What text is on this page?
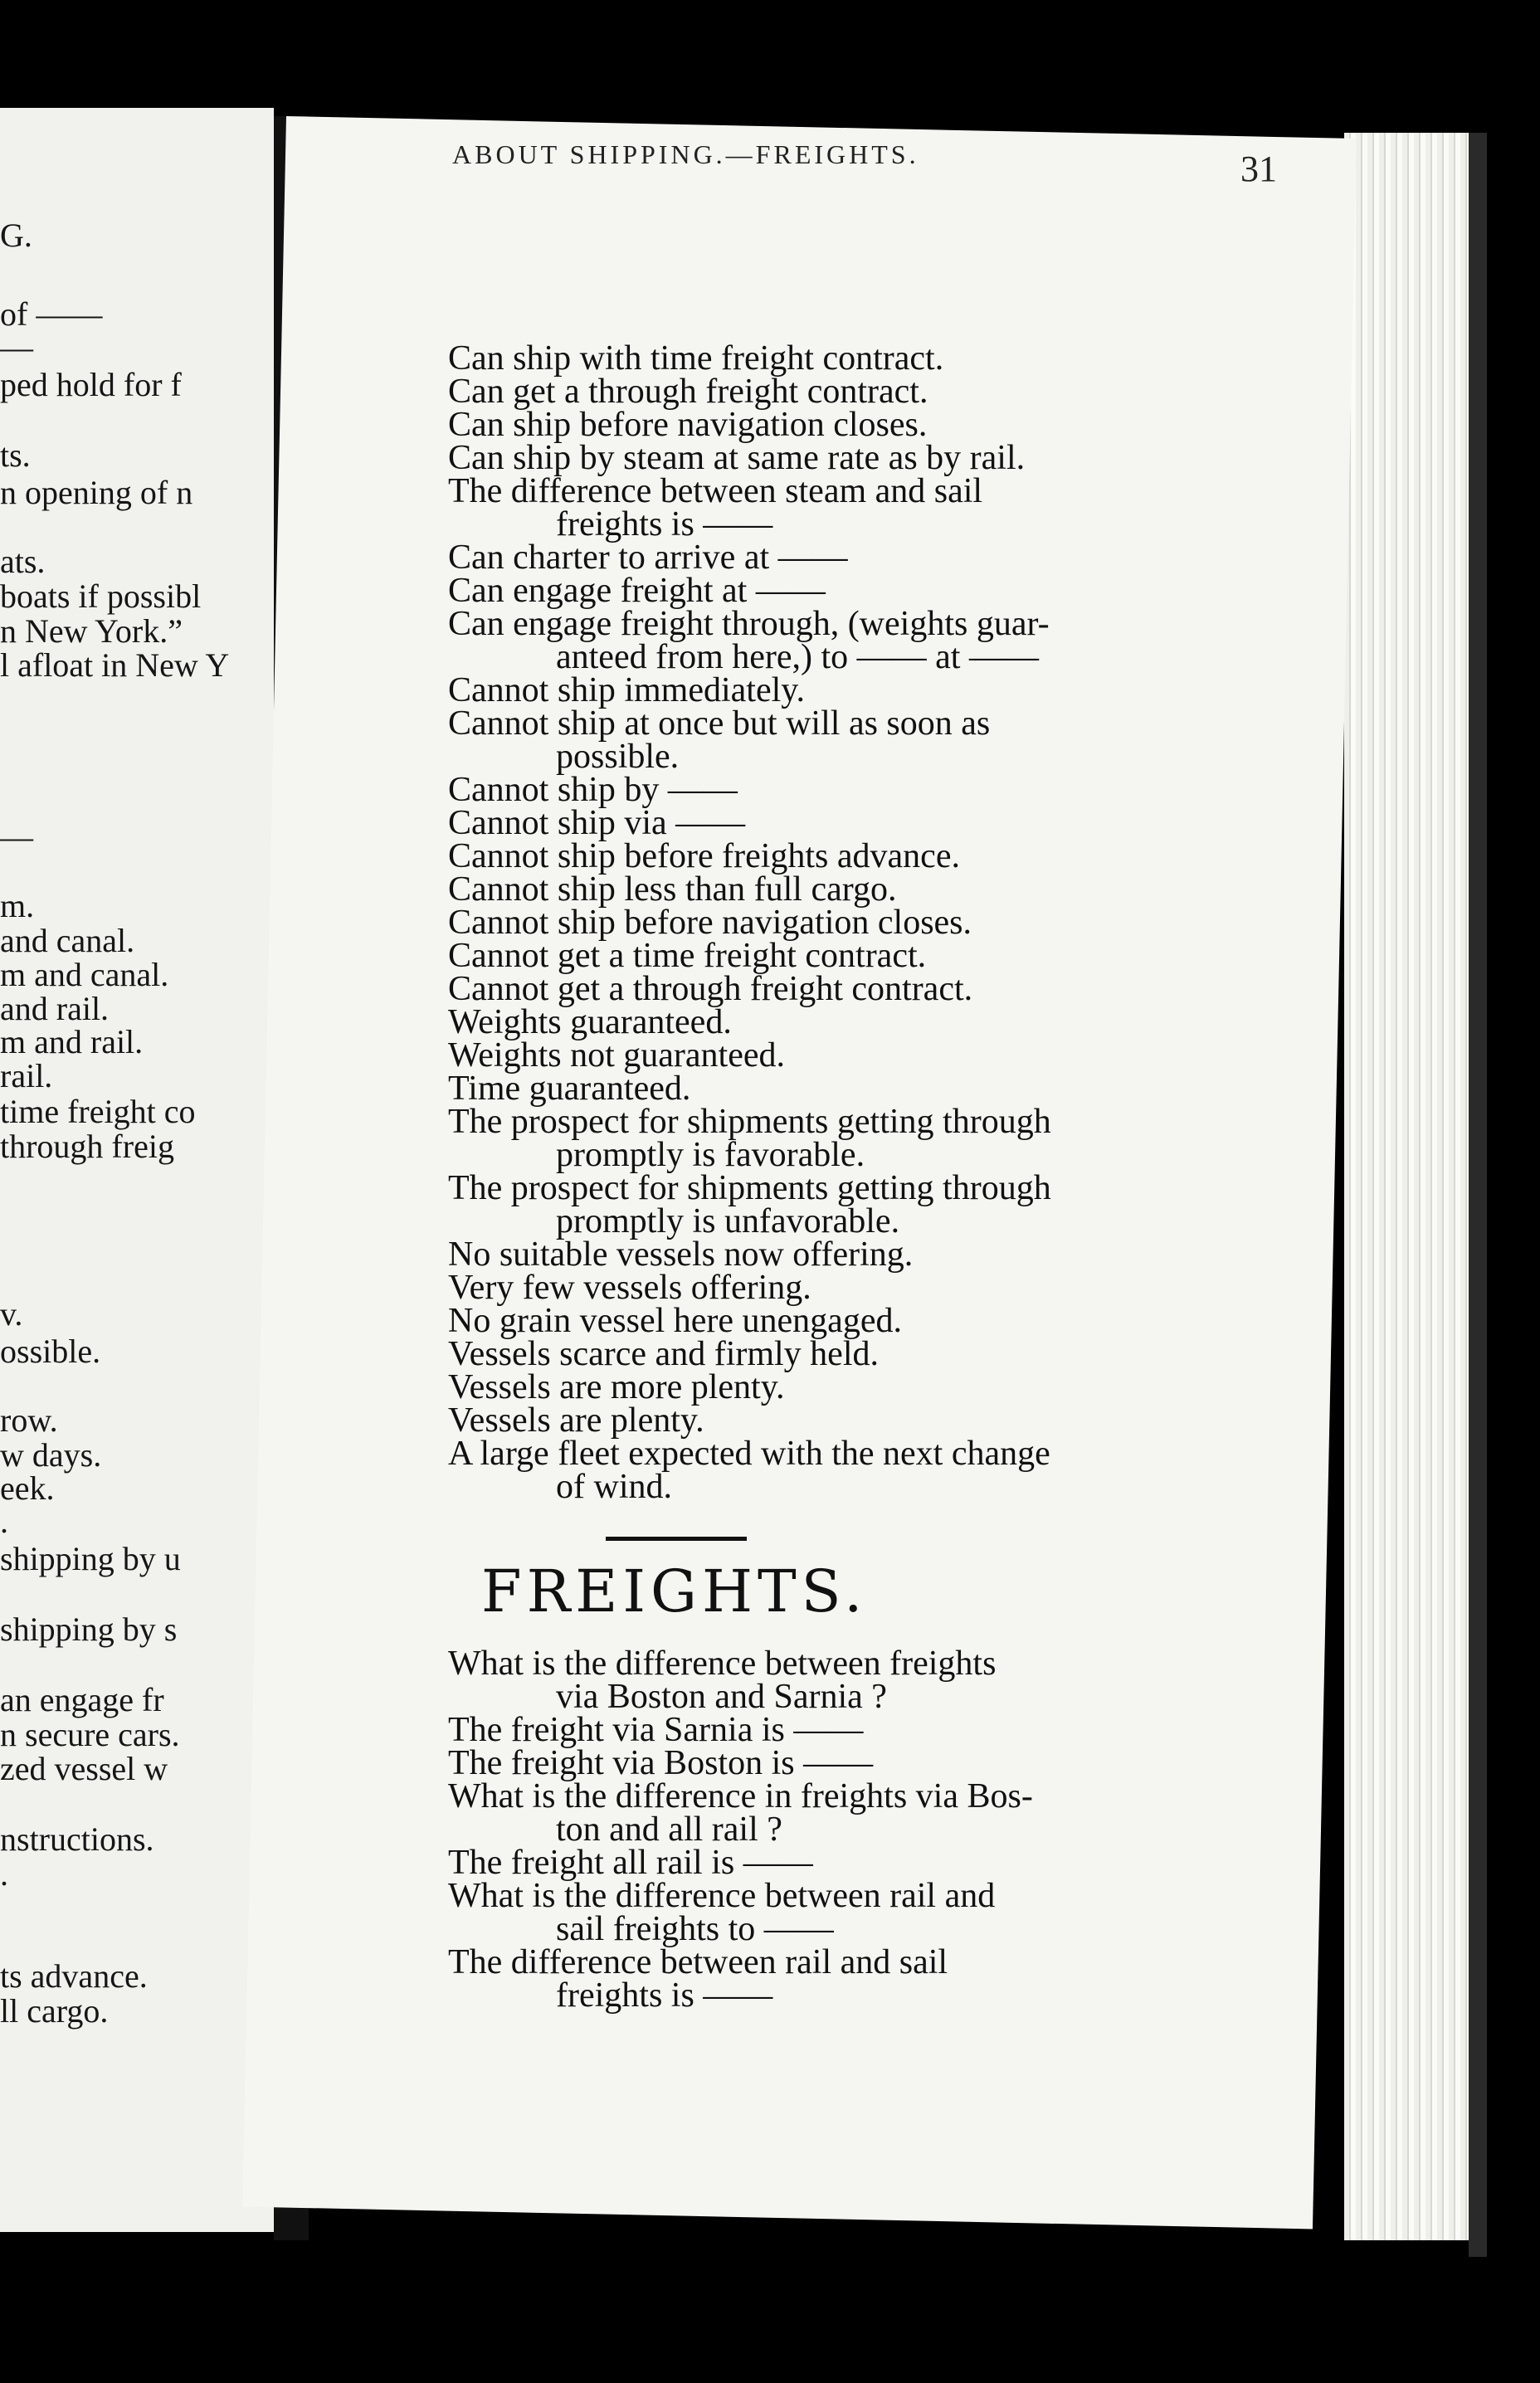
G.
of ——
—
ped hold for f
ts.
n opening of n
ats.
boats if possibl
n New York.”
l afloat in New Y
—
m.
and canal.
m and canal.
and rail.
m and rail.
rail.
time freight co
through freig
v.
ossible.
row.
w days.
eek.
.
shipping by u
shipping by s
an engage fr
n secure cars.
zed vessel w
nstructions.
.
ts advance.
ll cargo.
ABOUT SHIPPING.—FREIGHTS.	31
Can ship with time freight contract.
Can get a through freight contract.
Can ship before navigation closes.
Can ship by steam at same rate as by rail.
The difference between steam and sail
freights is ——
Can charter to arrive at ——
Can engage freight at ——
Can engage freight through, (weights guar-
anteed from here,) to —— at ——
Cannot ship immediately.
Cannot ship at once but will as soon as
possible.
Cannot ship by ——
Cannot ship via ——
Cannot ship before freights advance.
Cannot ship less than full cargo.
Cannot ship before navigation closes.
Cannot get a time freight contract.
Cannot get a through freight contract.
Weights guaranteed.
Weights not guaranteed.
Time guaranteed.
The prospect for shipments getting through
promptly is favorable.
The prospect for shipments getting through
promptly is unfavorable.
No suitable vessels now offering.
Very few vessels offering.
No grain vessel here unengaged.
Vessels scarce and firmly held.
Vessels are more plenty.
Vessels are plenty.
A large fleet expected with the next change
of wind.
FREIGHTS.
What is the difference between freights
via Boston and Sarnia ?
The freight via Sarnia is ——
The freight via Boston is ——
What is the difference in freights via Bos-
ton and all rail ?
The freight all rail is ——
What is the difference between rail and
sail freights to ——
The difference between rail and sail
freights is ——
